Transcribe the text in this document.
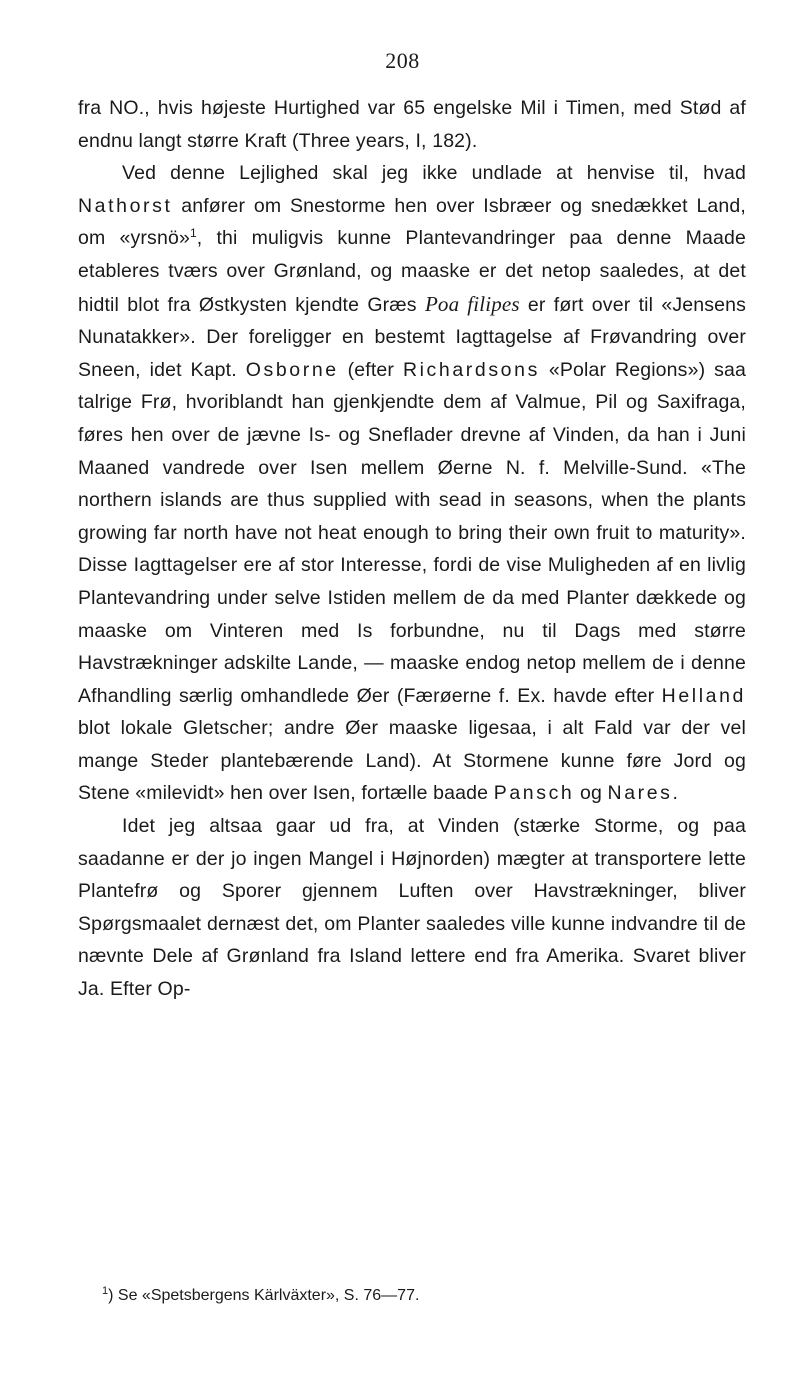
208

fra NO., hvis højeste Hurtighed var 65 engelske Mil i Timen, med Stød af endnu langt større Kraft (Three years, I, 182).

Ved denne Lejlighed skal jeg ikke undlade at henvise til, hvad Nathorst anfører om Snestorme hen over Isbræer og snedækket Land, om «yrsnö»$^1$, thi muligvis kunne Plantevandringer paa denne Maade etableres tværs over Grønland, og maaske er det netop saaledes, at det hidtil blot fra Østkysten kjendte Græs Poa filipes er ført over til «Jensens Nunatakker». Der foreligger en bestemt Iagttagelse af Frøvandring over Sneen, idet Kapt. Osborne (efter Richardsons «Polar Regions») saa talrige Frø, hvoriblandt han gjenkjendte dem af Valmue, Pil og Saxifraga, føres hen over de jævne Is- og Sneflader drevne af Vinden, da han i Juni Maaned vandrede over Isen mellem Øerne N. f. Melville-Sund. «The northern islands are thus supplied with sead in seasons, when the plants growing far north have not heat enough to bring their own fruit to maturity». Disse Iagttagelser ere af stor Interesse, fordi de vise Muligheden af en livlig Plantevandring under selve Istiden mellem de da med Planter dækkede og maaske om Vinteren med Is forbundne, nu til Dags med større Havstrækninger adskilte Lande, — maaske endog netop mellem de i denne Afhandling særlig omhandlede Øer (Færøerne f. Ex. havde efter Helland blot lokale Gletscher; andre Øer maaske ligesaa, i alt Fald var der vel mange Steder plantebærende Land). At Stormene kunne føre Jord og Stene «milevidt» hen over Isen, fortælle baade Pansch og Nares.

Idet jeg altsaa gaar ud fra, at Vinden (stærke Storme, og paa saadanne er der jo ingen Mangel i Højnorden) mægter at transportere lette Plantefrø og Sporer gjennem Luften over Havstrækninger, bliver Spørgsmaalet dernæst det, om Planter saaledes ville kunne indvandre til de nævnte Dele af Grønland fra Island lettere end fra Amerika. Svaret bliver Ja. Efter Op-

$^1$) Se «Spetsbergens Kärlväxter», S. 76—77.
